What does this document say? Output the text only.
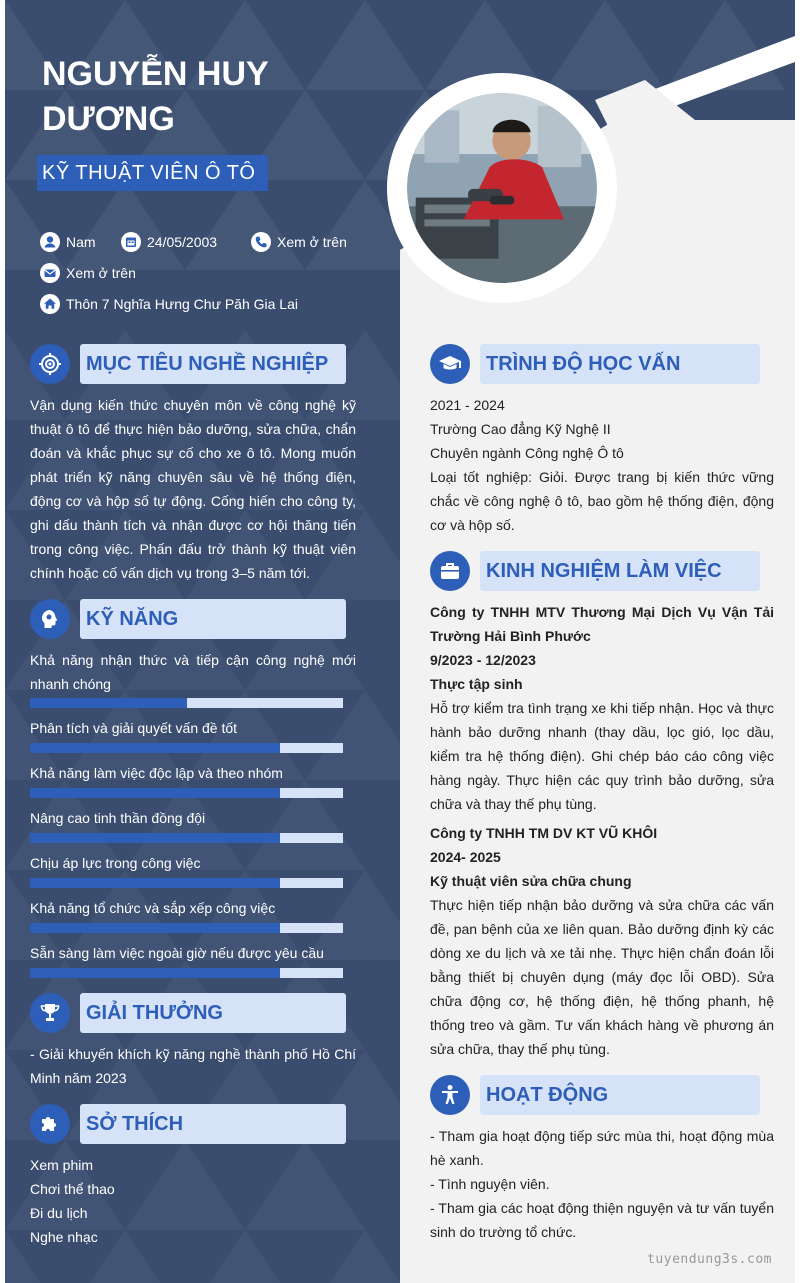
NGUYỄN HUY DƯƠNG
KỸ THUẬT VIÊN Ô TÔ
Nam	24/05/2003	Xem ở trên
Xem ở trên
Thôn 7 Nghĩa Hưng Chư Păh Gia Lai
MỤC TIÊU NGHỀ NGHIỆP

Vận dụng kiến thức chuyên môn về công nghệ kỹ thuật ô tô để thực hiện bảo dưỡng, sửa chữa, chẩn đoán và khắc phục sự cố cho xe ô tô. Mong muốn phát triển kỹ năng chuyên sâu về hệ thống điện, động cơ và hộp số tự động. Cống hiến cho công ty, ghi dấu thành tích và nhận được cơ hội thăng tiến trong công việc. Phấn đấu trở thành kỹ thuật viên chính hoặc cố vấn dịch vụ trong 3–5 năm tới.

KỸ NĂNG
Khả năng nhận thức và tiếp cận công nghệ mới nhanh chóng
Phân tích và giải quyết vấn đề tốt
Khả năng làm việc độc lập và theo nhóm
Nâng cao tinh thần đồng đội
Chịu áp lực trong công việc
Khả năng tổ chức và sắp xếp công việc
Sẵn sàng làm việc ngoài giờ nếu được yêu cầu
GIẢI THƯỞNG

- Giải khuyến khích kỹ năng nghề thành phố Hồ Chí Minh năm 2023

SỞ THÍCH
Xem phim
Chơi thể thao
Đi du lịch
Nghe nhạc
TRÌNH ĐỘ HỌC VẤN
2021 - 2024
Trường Cao đẳng Kỹ Nghệ II
Chuyên ngành Công nghệ Ô tô
Loại tốt nghiệp: Giỏi. Được trang bị kiến thức vững chắc về công nghệ ô tô, bao gồm hệ thống điện, động cơ và hộp số.
KINH NGHIỆM LÀM VIỆC
Công ty TNHH MTV Thương Mại Dịch Vụ Vận Tải Trường Hải Bình Phước
9/2023 - 12/2023
Thực tập sinh
Hỗ trợ kiểm tra tình trạng xe khi tiếp nhận. Học và thực hành bảo dưỡng nhanh (thay dầu, lọc gió, lọc dầu, kiểm tra hệ thống điện). Ghi chép báo cáo công việc hàng ngày. Thực hiện các quy trình bảo dưỡng, sửa chữa và thay thế phụ tùng.
Công ty TNHH TM DV KT VŨ KHÔI
2024- 2025
Kỹ thuật viên sửa chữa chung
Thực hiện tiếp nhận bảo dưỡng và sửa chữa các vấn đề, pan bệnh của xe liên quan. Bảo dưỡng định kỳ các dòng xe du lịch và xe tải nhẹ. Thực hiện chẩn đoán lỗi bằng thiết bị chuyên dụng (máy đọc lỗi OBD). Sửa chữa động cơ, hệ thống điện, hệ thống phanh, hệ thống treo và gầm. Tư vấn khách hàng về phương án sửa chữa, thay thế phụ tùng.
HOẠT ĐỘNG
- Tham gia hoạt động tiếp sức mùa thi, hoạt động mùa hè xanh.
- Tình nguyện viên.
- Tham gia các hoạt động thiện nguyện và tư vấn tuyển sinh do trường tổ chức.
tuyendung3s.com
